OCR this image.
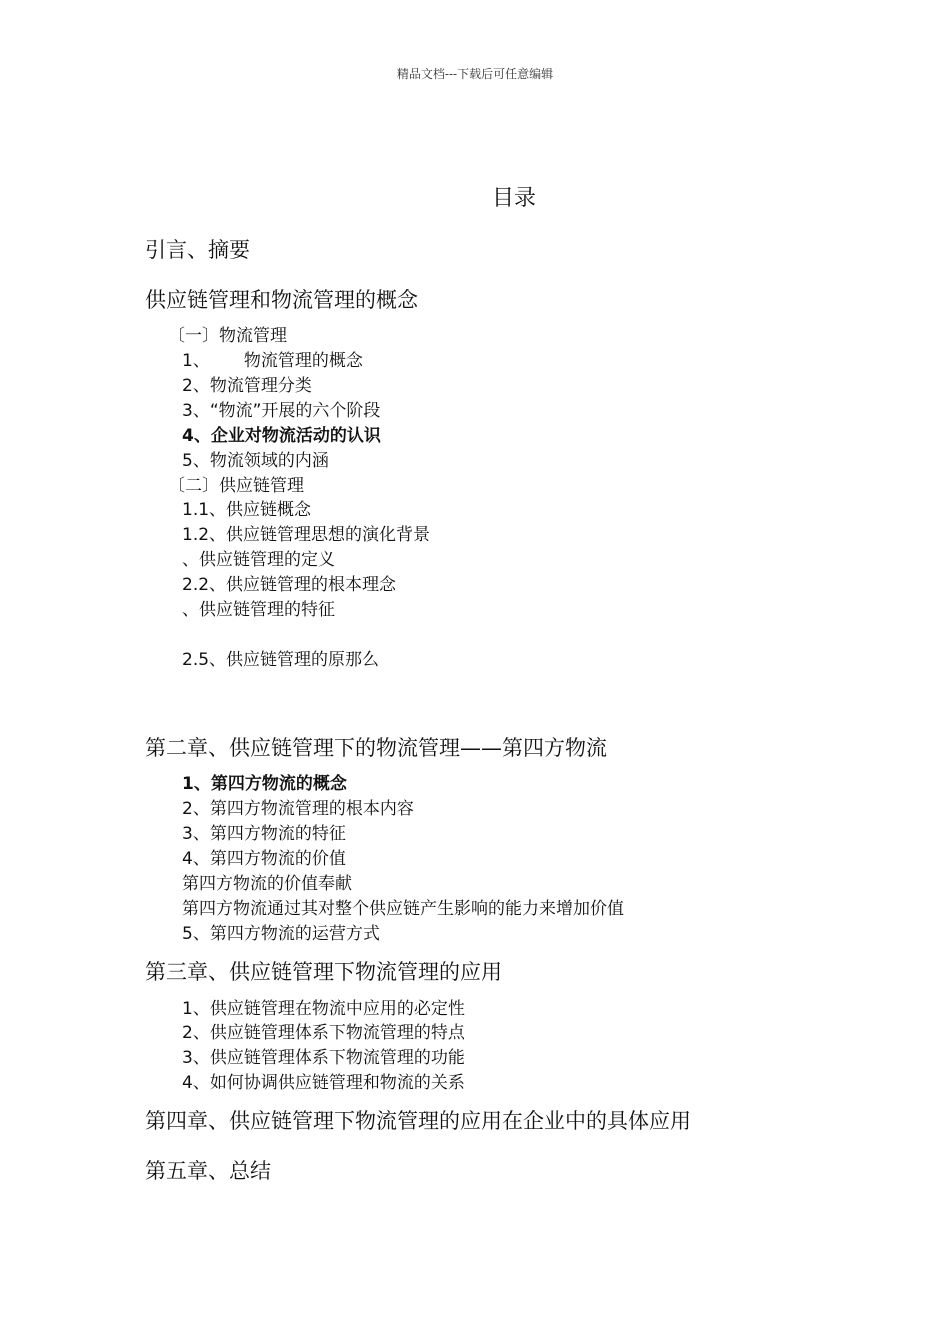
精品文档---下载后可任意编辑
目录
引言、摘要
供应链管理和物流管理的概念
〔一〕物流管理
1、 物流管理的概念
2、物流管理分类
3、“物流”开展的六个阶段
4、企业对物流活动的认识
5、物流领域的内涵
〔二〕供应链管理
1.1、供应链概念
1.2、供应链管理思想的演化背景
、供应链管理的定义
2.2、供应链管理的根本理念
、供应链管理的特征
2.5、供应链管理的原那么
第二章、供应链管理下的物流管理——第四方物流
1、第四方物流的概念
2、第四方物流管理的根本内容
3、第四方物流的特征
4、第四方物流的价值
第四方物流的价值奉献
第四方物流通过其对整个供应链产生影响的能力来增加价值
5、第四方物流的运营方式
第三章、供应链管理下物流管理的应用
1、供应链管理在物流中应用的必定性
2、供应链管理体系下物流管理的特点
3、供应链管理体系下物流管理的功能
4、如何协调供应链管理和物流的关系
第四章、供应链管理下物流管理的应用在企业中的具体应用
第五章、总结
